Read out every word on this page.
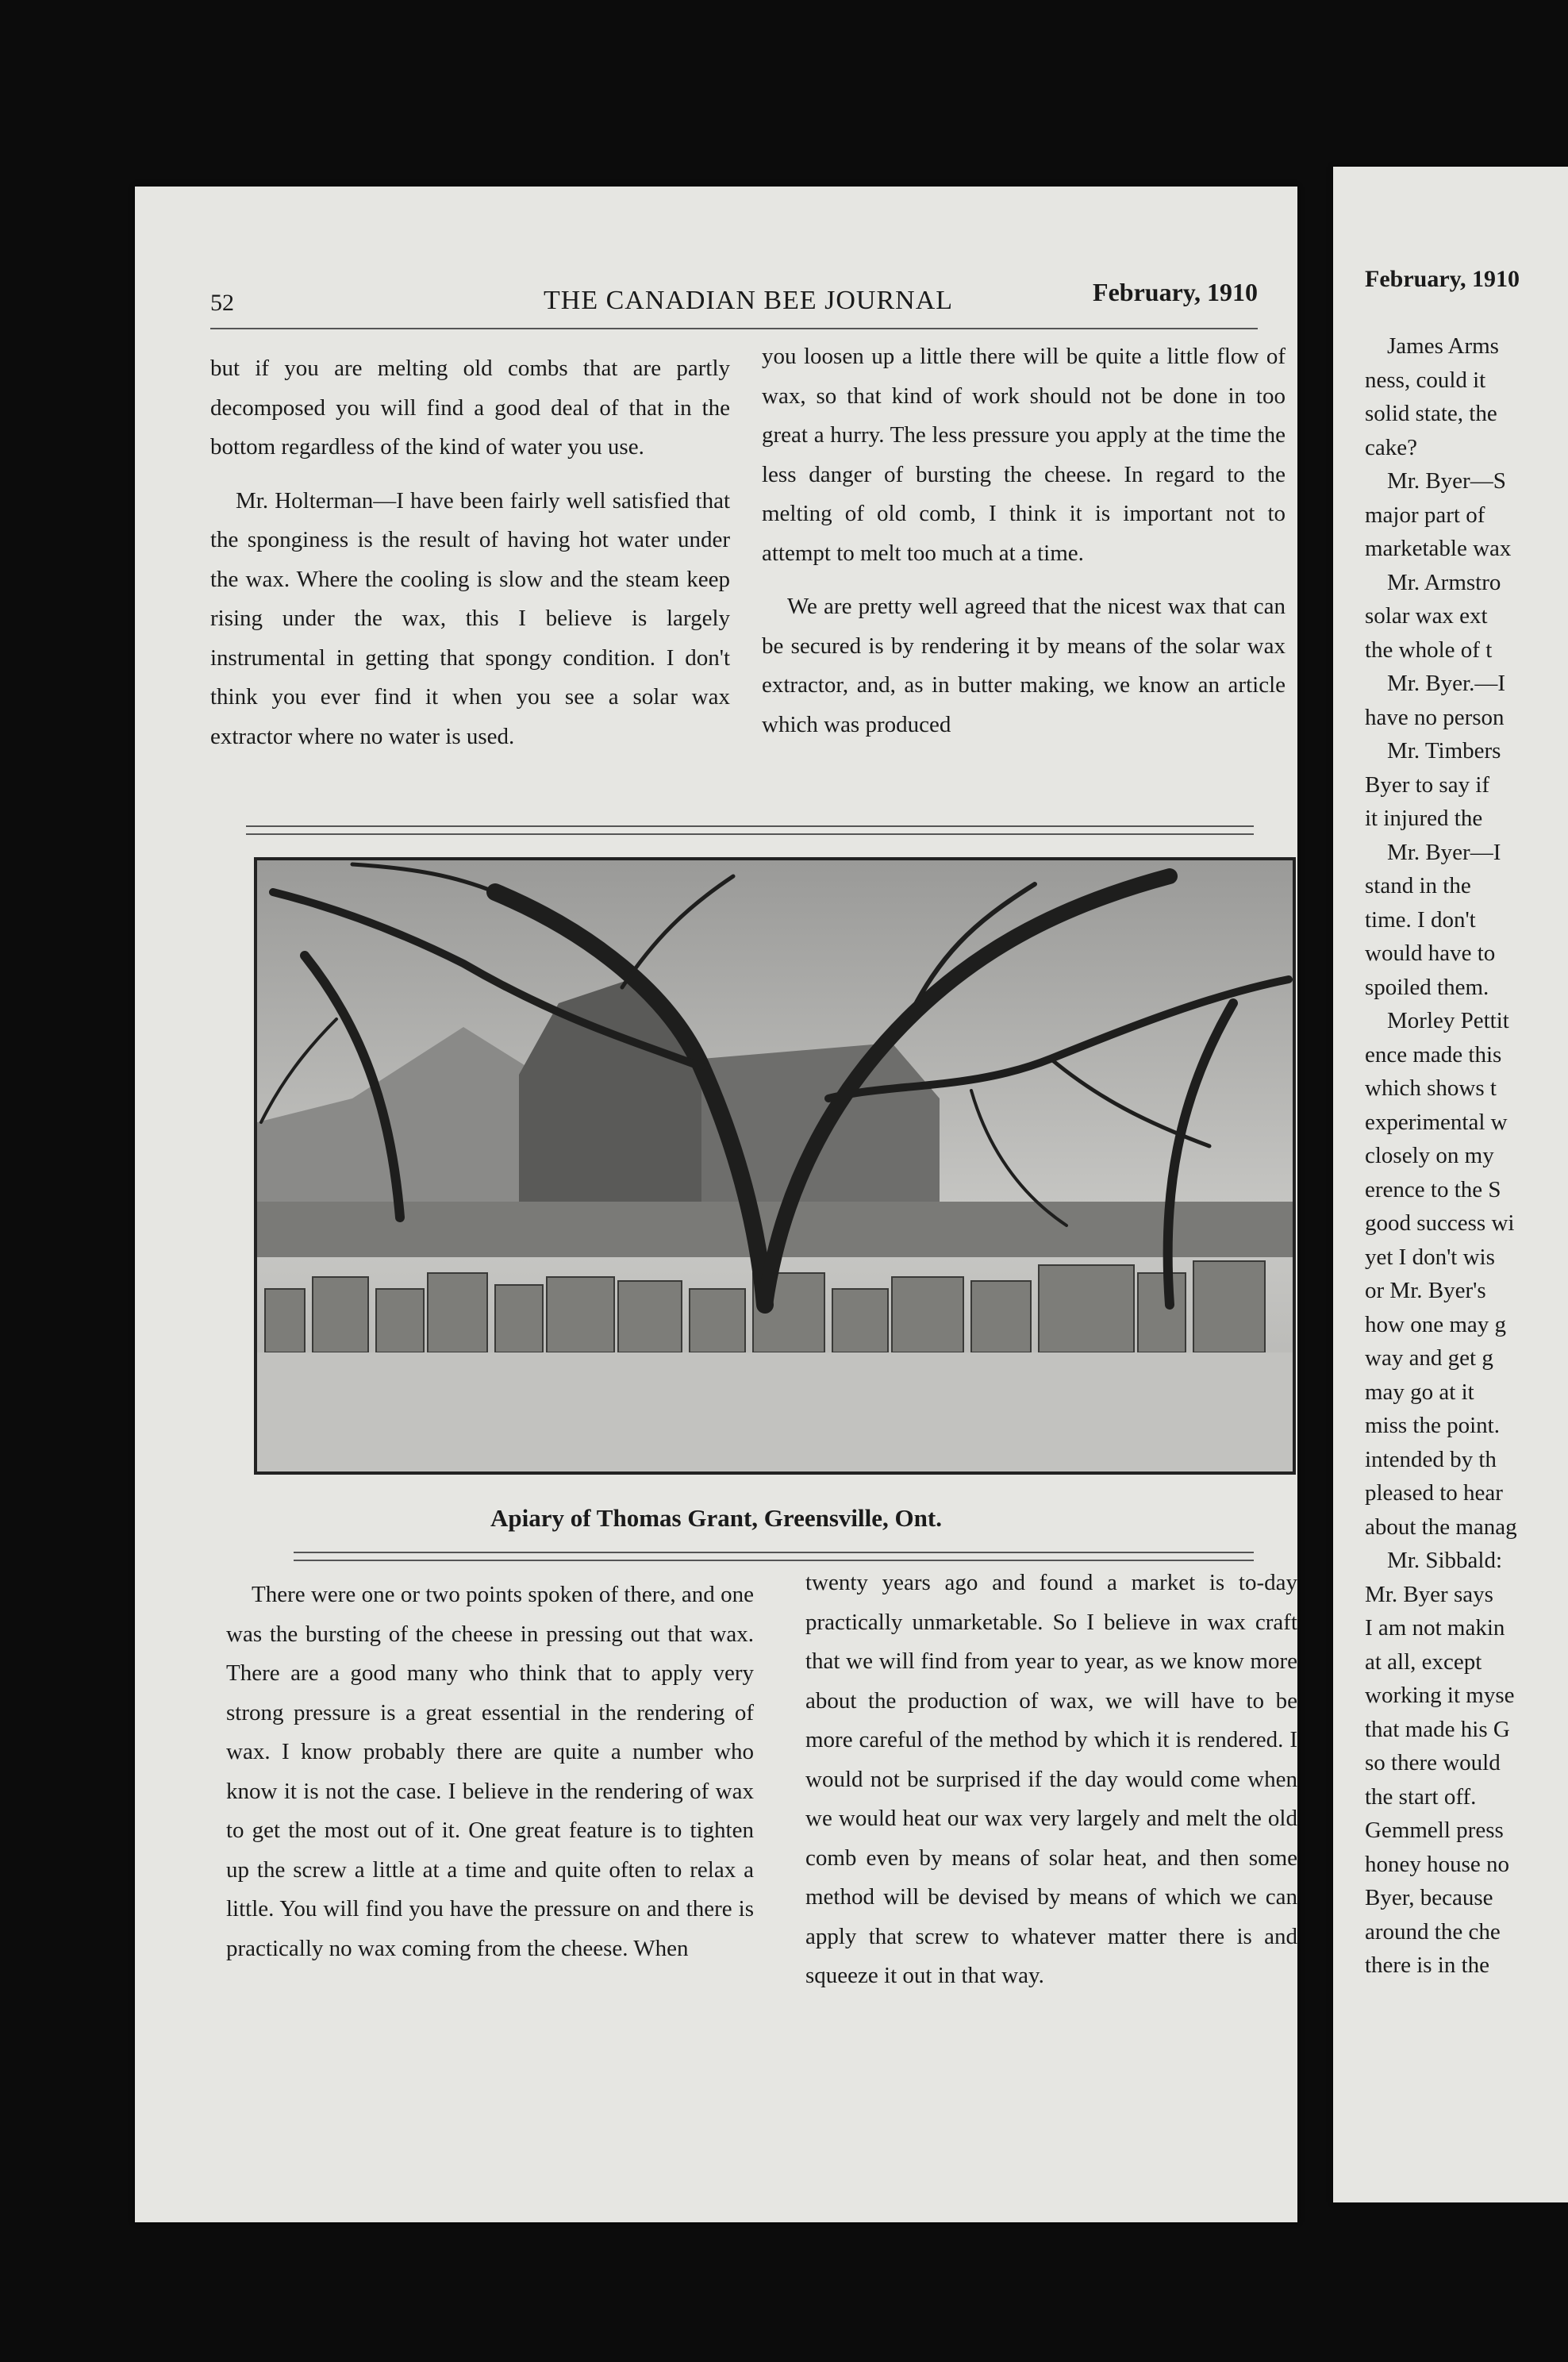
52	THE CANADIAN BEE JOURNAL	February, 1910

but if you are melting old combs that are partly decomposed you will find a good deal of that in the bottom regardless of the kind of water you use.

Mr. Holterman—I have been fairly well satisfied that the sponginess is the result of having hot water under the wax. Where the cooling is slow and the steam keep rising under the wax, this I believe is largely instrumental in getting that spongy condition. I don't think you ever find it when you see a solar wax extractor where no water is used.

you loosen up a little there will be quite a little flow of wax, so that kind of work should not be done in too great a hurry. The less pressure you apply at the time the less danger of bursting the cheese. In regard to the melting of old comb, I think it is important not to attempt to melt too much at a time.

We are pretty well agreed that the nicest wax that can be secured is by rendering it by means of the solar wax extractor, and, as in butter making, we know an article which was produced

Apiary of Thomas Grant, Greensville, Ont.

There were one or two points spoken of there, and one was the bursting of the cheese in pressing out that wax. There are a good many who think that to apply very strong pressure is a great essential in the rendering of wax. I know probably there are quite a number who know it is not the case. I believe in the rendering of wax to get the most out of it. One great feature is to tighten up the screw a little at a time and quite often to relax a little. You will find you have the pressure on and there is practically no wax coming from the cheese. When

twenty years ago and found a market is to-day practically unmarketable. So I believe in wax craft that we will find from year to year, as we know more about the production of wax, we will have to be more careful of the method by which it is rendered. I would not be surprised if the day would come when we would heat our wax very largely and melt the old comb even by means of solar heat, and then some method will be devised by means of which we can apply that screw to whatever matter there is and squeeze it out in that way.

February, 1910

James Arms

ness, could it

solid state, the

cake?

Mr. Byer—S

major part of

marketable wax

Mr. Armstro

solar wax ext

the whole of t

Mr. Byer.—I

have no person

Mr. Timbers

Byer to say if

it injured the

Mr. Byer—I

stand in the

time. I don't

would have to

spoiled them.

Morley Pettit

ence made this

which shows t

experimental w

closely on my

erence to the S

good success wi

yet I don't wis

or Mr. Byer's

how one may g

way and get g

may go at it

miss the point.

intended by th

pleased to hear

about the manag

Mr. Sibbald:

Mr. Byer says

I am not makin

at all, except

working it myse

that made his G

so there would

the start off.

Gemmell press

honey house no

Byer, because

around the che

there is in the
